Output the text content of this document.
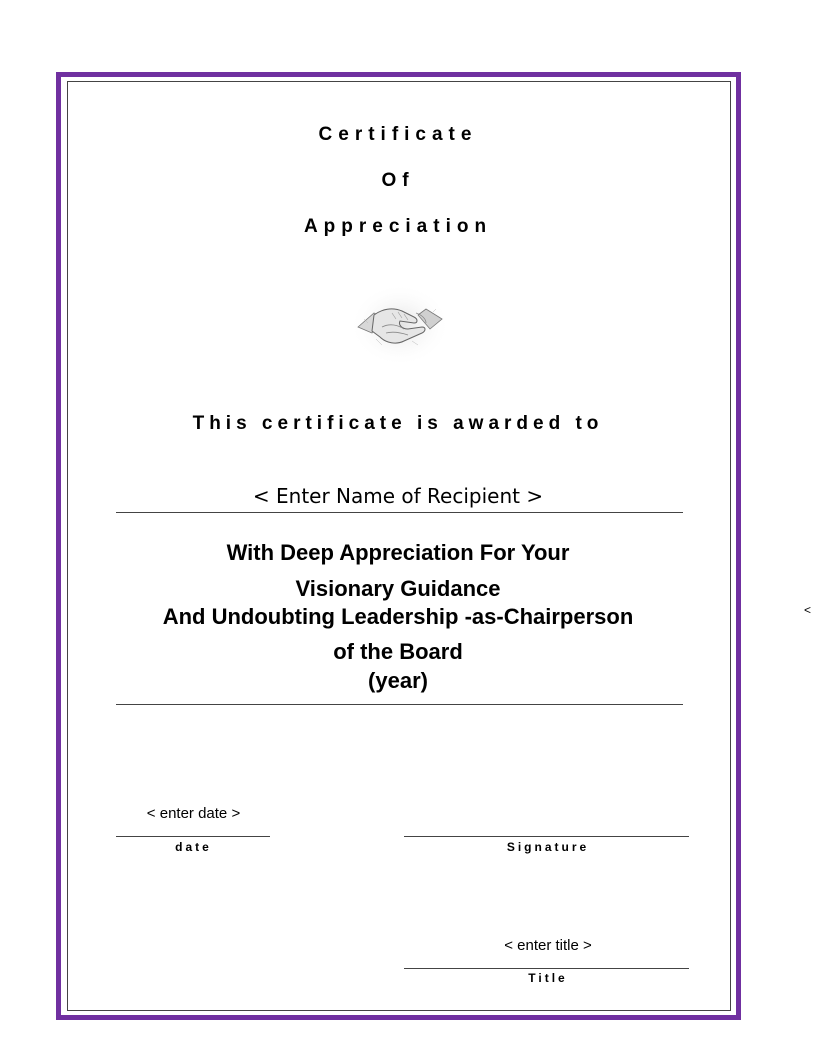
Certificate
Of
Appreciation
This certificate is awarded to
< Enter Name of Recipient >
With Deep Appreciation For Your
Visionary Guidance
And Undoubting Leadership -as-Chairperson
of the Board
(year)
<
< enter date >
date	Signature
< enter title >
Title
